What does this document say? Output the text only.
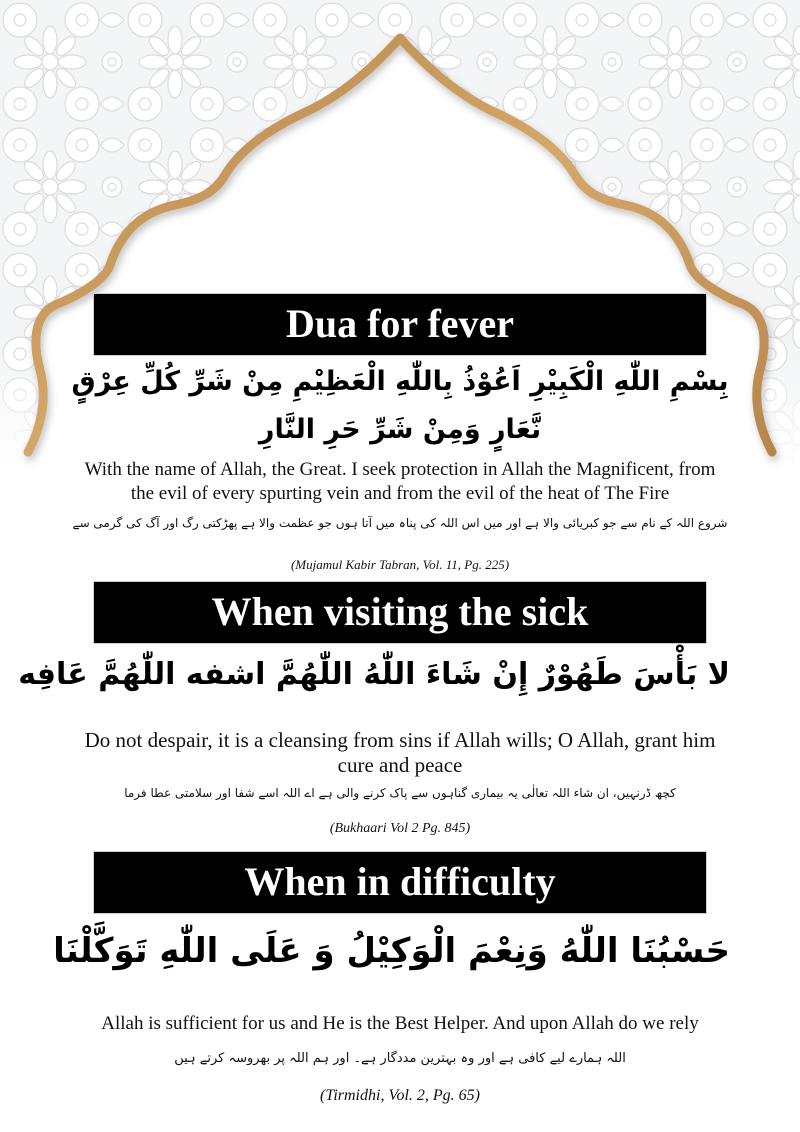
Dua for fever
بِسْمِ اللّٰهِ الْكَبِيْرِ اَعُوْذُ بِاللّٰهِ الْعَظِيْمِ مِنْ شَرِّ كُلِّ عِرْقٍ نَّعَارٍ وَمِنْ شَرِّ حَرِ النَّارِ
With the name of Allah, the Great. I seek protection in Allah the Magnificent, from the evil of every spurting vein and from the evil of the heat of The Fire
شروع اللہ کے نام سے جو کبریائی والا ہے اور میں اس اللہ کی پناہ میں آتا ہوں جو عظمت والا ہے پھڑکتی رگ اور آگ کی گرمی سے
(Mujamul Kabir Tabran, Vol. 11, Pg. 225)
When visiting the sick
لا بَأْسَ طَهُوْرٌ إِنْ شَاءَ اللّٰهُ اللّٰهُمَّ اشفه اللّٰهُمَّ عَافِه
Do not despair, it is a cleansing from sins if Allah wills; O Allah, grant him cure and peace
کچھ ڈرنہیں، ان شاء اللہ تعالٰی یہ بیماری گناہوں سے پاک کرنے والی ہے اے اللہ اسے شفا اور سلامتی عطا فرما
(Bukhaari Vol 2 Pg. 845)
When in difficulty
حَسْبُنَا اللّٰهُ وَنِعْمَ الْوَكِيْلُ وَ عَلَى اللّٰهِ تَوَكَّلْنَا
Allah is sufficient for us and He is the Best Helper. And upon Allah do we rely
اللہ ہمارے لیے کافی ہے اور وہ بہترین مددگار ہے۔ اور ہم اللہ پر بھروسہ کرتے ہیں
(Tirmidhi, Vol. 2, Pg. 65)
